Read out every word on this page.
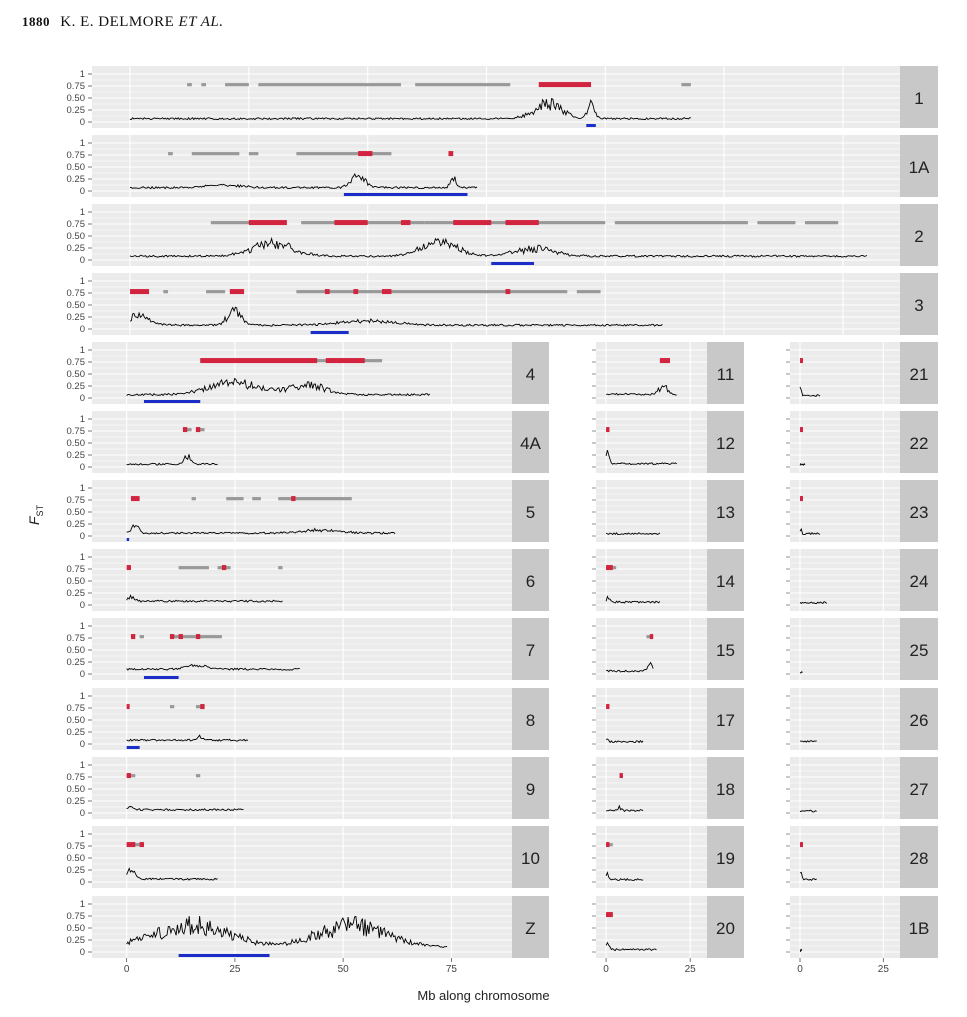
1880 K. E. DELMORE ET AL.
1
1
0.75
0.50
0.25
0
1A
1
0.75
0.50
0.25
0
2
1
0.75
0.50
0.25
0
3
1
0.75
0.50
0.25
0
4
1
0.75
0.50
0.25
0
4A
1
0.75
0.50
0.25
0
5
1
0.75
0.50
0.25
0
6
1
0.75
0.50
0.25
0
7
1
0.75
0.50
0.25
0
8
1
0.75
0.50
0.25
0
9
1
0.75
0.50
0.25
0
10
1
0.75
0.50
0.25
0
Z
1
0.75
0.50
0.25
0
11
12
13
14
15
17
18
19
20
21
22
23
24
25
26
27
28
1B
0	25	50	75	0	25	0	25
$F_{ST}$
Mb along chromosome
